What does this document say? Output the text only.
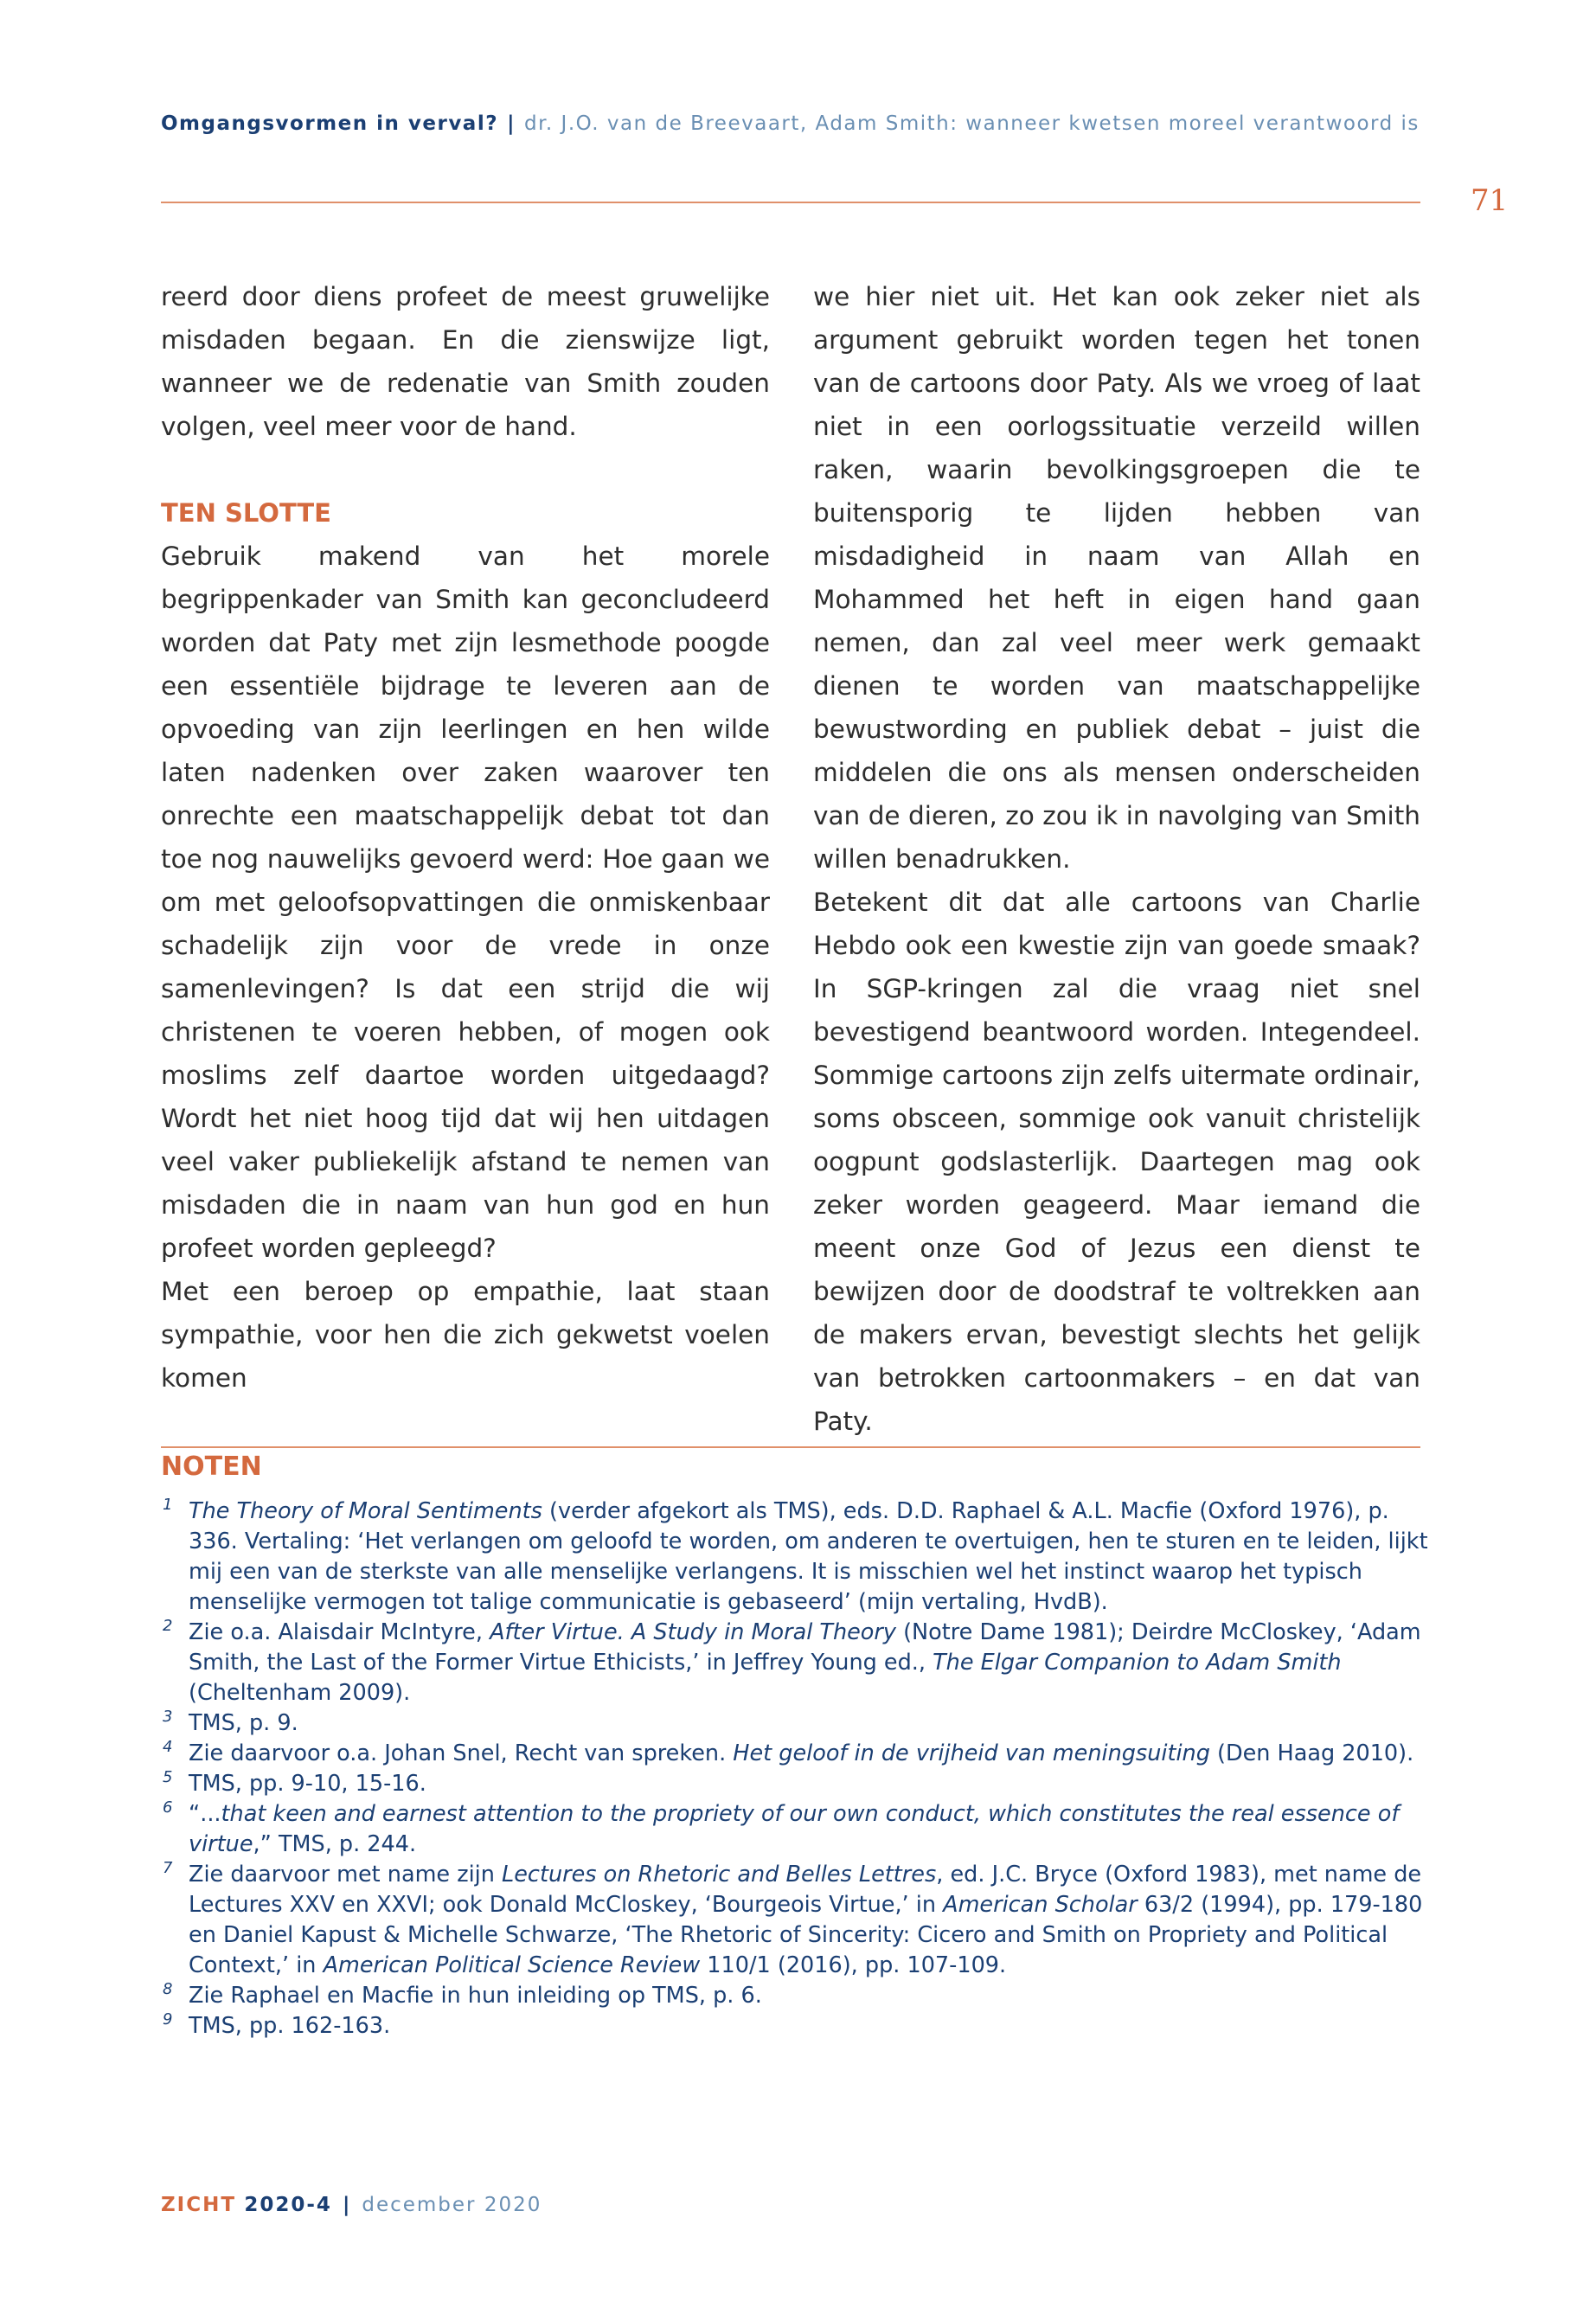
Omgangsvormen in verval? | dr. J.O. van de Breevaart, Adam Smith: wanneer kwetsen moreel verantwoord is
71

reerd door diens profeet de meest gruwelijke misdaden begaan. En die zienswijze ligt, wanneer we de redenatie van Smith zouden volgen, veel meer voor de hand.

TEN SLOTTE

Gebruik makend van het morele begrippenkader van Smith kan geconcludeerd worden dat Paty met zijn lesmethode poogde een essentiële bijdrage te leveren aan de opvoeding van zijn leerlingen en hen wilde laten nadenken over zaken waarover ten onrechte een maatschappelijk debat tot dan toe nog nauwelijks gevoerd werd: Hoe gaan we om met geloofsopvattingen die onmiskenbaar schadelijk zijn voor de vrede in onze samenlevingen? Is dat een strijd die wij christenen te voeren hebben, of mogen ook moslims zelf daartoe worden uitgedaagd? Wordt het niet hoog tijd dat wij hen uitdagen veel vaker publiekelijk afstand te nemen van misdaden die in naam van hun god en hun profeet worden gepleegd?

Met een beroep op empathie, laat staan sympathie, voor hen die zich gekwetst voelen komen

we hier niet uit. Het kan ook zeker niet als argument gebruikt worden tegen het tonen van de cartoons door Paty. Als we vroeg of laat niet in een oorlogssituatie verzeild willen raken, waarin bevolkingsgroepen die te buitensporig te lijden hebben van misdadigheid in naam van Allah en Mohammed het heft in eigen hand gaan nemen, dan zal veel meer werk gemaakt dienen te worden van maatschappelijke bewustwording en publiek debat – juist die middelen die ons als mensen onderscheiden van de dieren, zo zou ik in navolging van Smith willen benadrukken.

Betekent dit dat alle cartoons van Charlie Hebdo ook een kwestie zijn van goede smaak? In SGP-kringen zal die vraag niet snel bevestigend beantwoord worden. Integendeel. Sommige cartoons zijn zelfs uitermate ordinair, soms obsceen, sommige ook vanuit christelijk oogpunt godslasterlijk. Daartegen mag ook zeker worden geageerd. Maar iemand die meent onze God of Jezus een dienst te bewijzen door de doodstraf te voltrekken aan de makers ervan, bevestigt slechts het gelijk van betrokken cartoonmakers – en dat van Paty.

NOTEN
1 The Theory of Moral Sentiments (verder afgekort als TMS), eds. D.D. Raphael & A.L. Macfie (Oxford 1976), p. 336. Vertaling: ‘Het verlangen om geloofd te worden, om anderen te overtuigen, hen te sturen en te leiden, lijkt mij een van de sterkste van alle menselijke verlangens. It is misschien wel het instinct waarop het typisch menselijke vermogen tot talige communicatie is gebaseerd’ (mijn vertaling, HvdB).
2 Zie o.a. Alaisdair McIntyre, After Virtue. A Study in Moral Theory (Notre Dame 1981); Deirdre McCloskey, ‘Adam Smith, the Last of the Former Virtue Ethicists,’ in Jeffrey Young ed., The Elgar Companion to Adam Smith (Cheltenham 2009).
3 TMS, p. 9.
4 Zie daarvoor o.a. Johan Snel, Recht van spreken. Het geloof in de vrijheid van meningsuiting (Den Haag 2010).
5 TMS, pp. 9-10, 15-16.
6 “...that keen and earnest attention to the propriety of our own conduct, which constitutes the real essence of virtue,” TMS, p. 244.
7 Zie daarvoor met name zijn Lectures on Rhetoric and Belles Lettres, ed. J.C. Bryce (Oxford 1983), met name de Lectures XXV en XXVI; ook Donald McCloskey, ‘Bourgeois Virtue,’ in American Scholar 63/2 (1994), pp. 179-180 en Daniel Kapust & Michelle Schwarze, ‘The Rhetoric of Sincerity: Cicero and Smith on Propriety and Political Context,’ in American Political Science Review 110/1 (2016), pp. 107-109.
8 Zie Raphael en Macfie in hun inleiding op TMS, p. 6.
9 TMS, pp. 162-163.
ZICHT 2020-4 | december 2020
